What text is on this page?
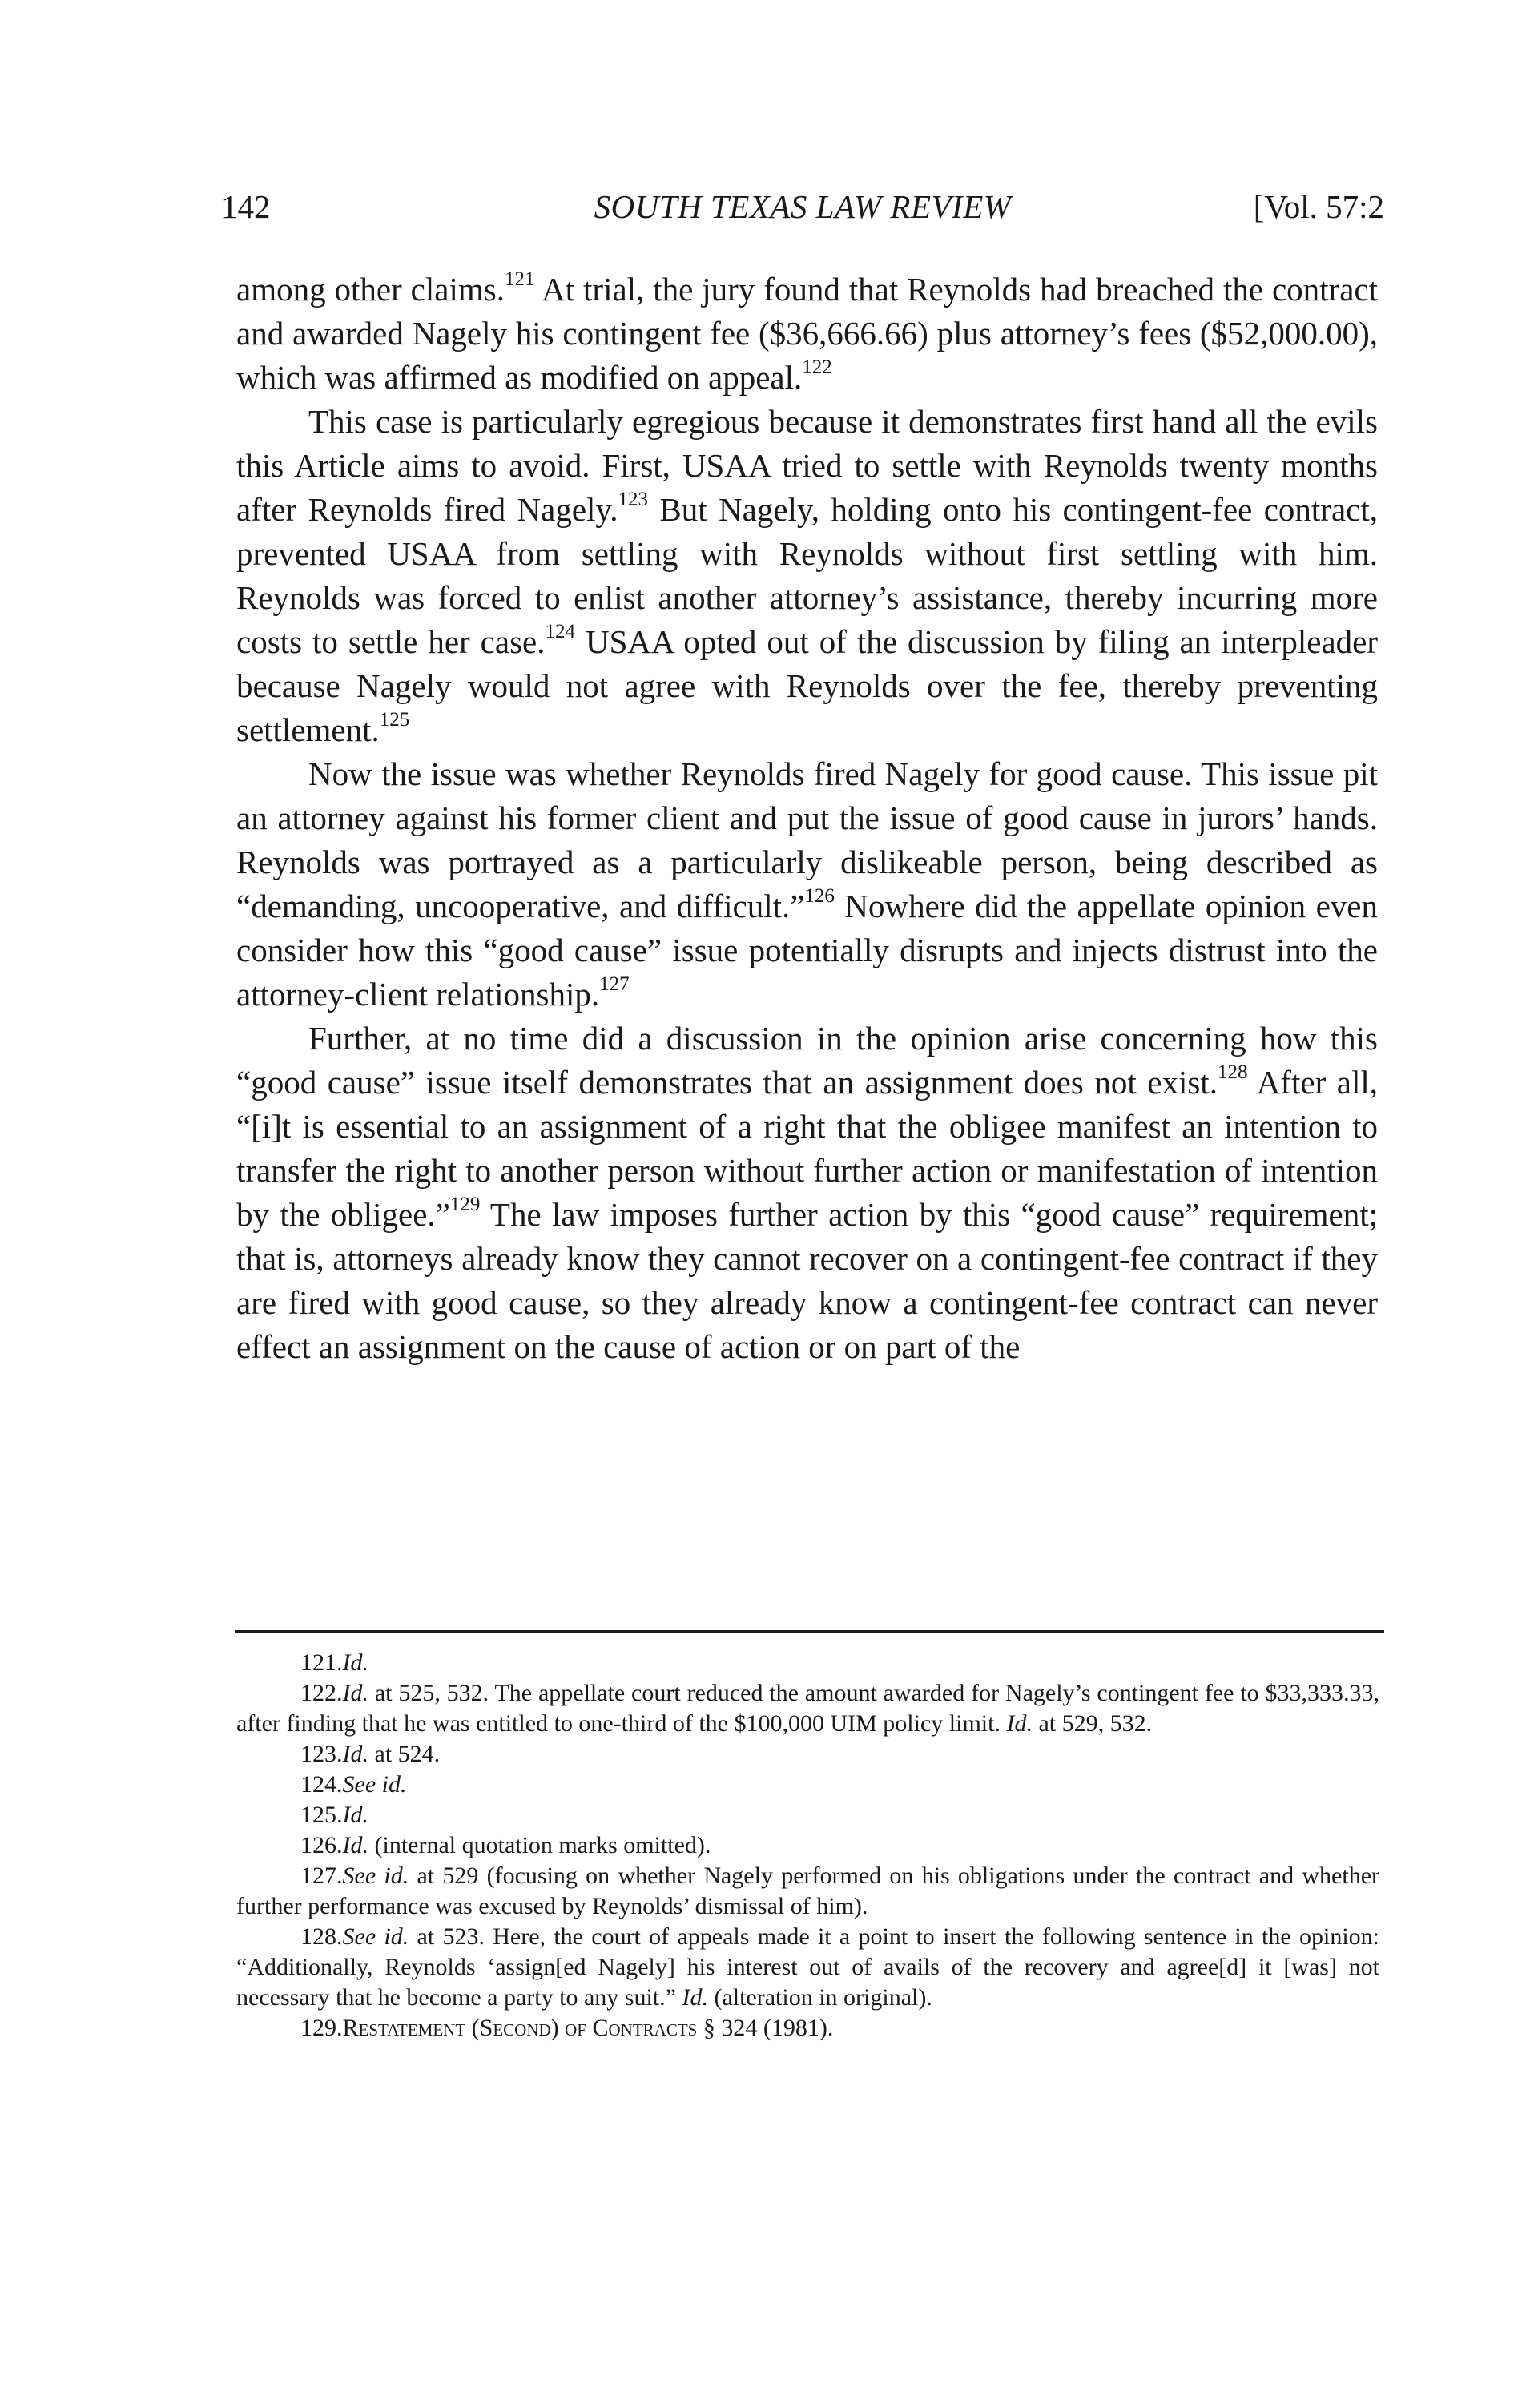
142	SOUTH TEXAS LAW REVIEW	[Vol. 57:2

among other claims.$^{121}$ At trial, the jury found that Reynolds had breached the contract and awarded Nagely his contingent fee ($36,666.66) plus attorney’s fees ($52,000.00), which was affirmed as modified on appeal.$^{122}$

This case is particularly egregious because it demonstrates first hand all the evils this Article aims to avoid. First, USAA tried to settle with Reynolds twenty months after Reynolds fired Nagely.$^{123}$ But Nagely, holding onto his contingent-fee contract, prevented USAA from settling with Reynolds without first settling with him. Reynolds was forced to enlist another attorney’s assistance, thereby incurring more costs to settle her case.$^{124}$ USAA opted out of the discussion by filing an interpleader because Nagely would not agree with Reynolds over the fee, thereby preventing settlement.$^{125}$

Now the issue was whether Reynolds fired Nagely for good cause. This issue pit an attorney against his former client and put the issue of good cause in jurors’ hands. Reynolds was portrayed as a particularly dislikeable person, being described as “demanding, uncooperative, and difficult.”$^{126}$ Nowhere did the appellate opinion even consider how this “good cause” issue potentially disrupts and injects distrust into the attorney-client relationship.$^{127}$

Further, at no time did a discussion in the opinion arise concerning how this “good cause” issue itself demonstrates that an assignment does not exist.$^{128}$ After all, “[i]t is essential to an assignment of a right that the obligee manifest an intention to transfer the right to another person without further action or manifestation of intention by the obligee.”$^{129}$ The law imposes further action by this “good cause” requirement; that is, attorneys already know they cannot recover on a contingent-fee contract if they are fired with good cause, so they already know a contingent-fee contract can never effect an assignment on the cause of action or on part of the

121.Id.

122.Id. at 525, 532. The appellate court reduced the amount awarded for Nagely’s contingent fee to $33,333.33, after finding that he was entitled to one-third of the $100,000 UIM policy limit. Id. at 529, 532.

123.Id. at 524.

124.See id.

125.Id.

126.Id. (internal quotation marks omitted).

127.See id. at 529 (focusing on whether Nagely performed on his obligations under the contract and whether further performance was excused by Reynolds’ dismissal of him).

128.See id. at 523. Here, the court of appeals made it a point to insert the following sentence in the opinion: “Additionally, Reynolds ‘assign[ed Nagely] his interest out of avails of the recovery and agree[d] it [was] not necessary that he become a party to any suit.” Id. (alteration in original).

129.Restatement (Second) of Contracts § 324 (1981).
